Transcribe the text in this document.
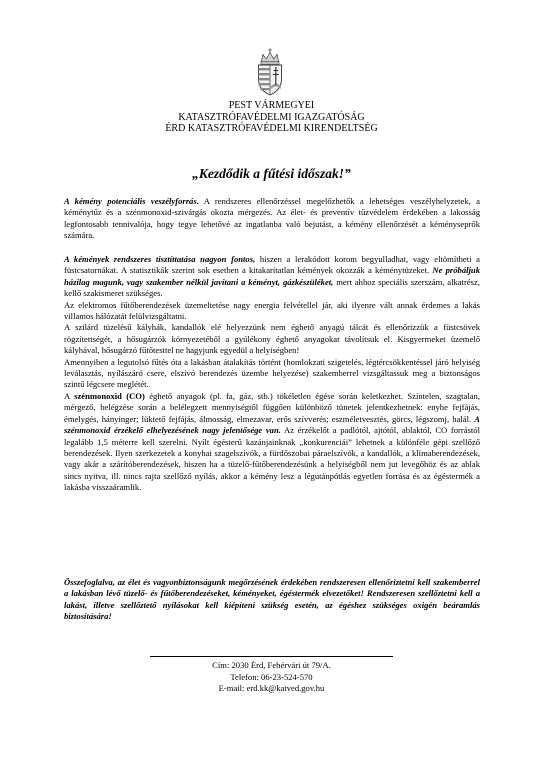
PEST VÁRMEGYEI
KATASZTRÓFAVÉDELMI IGAZGATÓSÁG
ÉRD KATASZTRÓFAVÉDELMI KIRENDELTSÉG
„Kezdődik a fűtési időszak!”

A kémény potenciális veszélyforrás. A rendszeres ellenőrzéssel megelőzhetők a lehetséges veszélyhelyzetek, a kéménytűz és a szénmonoxid-szivárgás okozta mérgezés. Az élet- és preventív tűzvédelem érdekében a lakosság legfontosabb tennivalója, hogy tegye lehetővé az ingatlanba való bejutást, a kémény ellenőrzését a kéményseprők számára.

A kémények rendszeres tisztíttatása nagyon fontos, hiszen a lerakódott korom begyulladhat, vagy eltömítheti a füstcsatornákat. A statisztikák szerint sok esetben a kitakarítatlan kémények okozzák a kéménytüzeket. Ne próbáljuk házilag magunk, vagy szakember nélkül javítani a kéményt, gázkészüléket, mert ahhoz speciális szerszám, alkatrész, kellő szakismeret szükséges.

Az elektromos fűtőberendezések üzemeltetése nagy energia felvétellel jár, aki ilyenre vált annak érdemes a lakás villamos hálózatát felülvizsgáltatni.

A szilárd tüzelésű kályhák, kandallók elé helyezzünk nem éghető anyagú tálcát és ellenőrizzük a füstcsövek rögzítettségét, a hősugárzók környezetéből a gyúlékony éghető anyagokat távolítsuk el. Kisgyermeket üzemelő kályhával, hősugárzó fűtőtesttel ne hagyjunk egyedül a helyiségben!

Amennyiben a legutolsó fűtés óta a lakásban átalakítás történt (homlokzati szigetelés, légtércsökkentéssel járó helyiség leválasztás, nyílászáró csere, elszívó berendezés üzembe helyezése) szakemberrel vizsgáltassuk meg a biztonságos szintű légcsere meglétét.

A szénmonoxid (CO) éghető anyagok (pl. fa, gáz, stb.) tökéletlen égése során keletkezhet. Színtelen, szagtalan, mérgező, belégzése során a belélegzett mennyiségtől függően különböző tünetek jelentkezhetnek: enyhe fejfájás, émelygés, hányinger; lüktető fejfájás, álmosság, elmezavar, erős szívverés; eszméletvesztés, görcs, légszomj, halál. A szénmonoxid érzékelő elhelyezésének nagy jelentősége van. Az érzékelőt a padlótól, ajtótól, ablaktól, CO forrástól legalább 1,5 méterre kell szerelni. Nyílt égésterű kazánjainknak „konkurenciái” lehetnek a különféle gépi szellőző berendezések. Ilyen szerkezetek a konyhai szagelszívók, a fürdőszobai páraelszívók, a kandallók, a klímaberendezések, vagy akár a szárítóberendezések, hiszen ha a tüzelő-fűtőberendezésünk a helyiségből nem jut levegőhöz és az ablak sincs nyitva, ill. nincs rajta szellőző nyílás, akkor a kémény lesz a légutánpótlás egyetlen forrása és az égéstermék a lakásba visszaáramlik.

Összefoglalva, az élet és vagyonbiztonságunk megőrzésének érdekében rendszeresen ellenőriztetni kell szakemberrel a lakásban lévő tüzelő- és fűtőberendezéseket, kéményeket, égéstermék elvezetőket! Rendszeresen szellőztetni kell a lakást, illetve szellőztető nyílásokat kell kiépíteni szükség esetén, az égéshez szükséges oxigén beáramlás biztosítására!
Cím: 2030 Érd, Fehérvári út 79/A.
Telefon: 06-23-524-570
E-mail: erd.kk@katved.gov.hu
